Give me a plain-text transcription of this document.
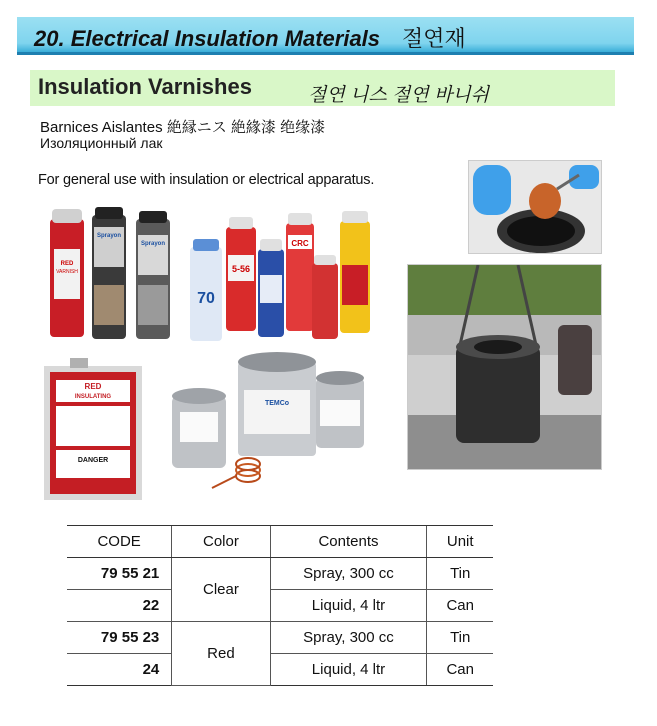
20. Electrical Insulation Materials 절연재
Insulation Varnishes	절연 니스 절연 바니쉬
Barnices Aislantes 絶縁ニス 絶緣漆 绝缘漆
Изоляционный лак
For general use with insulation or electrical apparatus.
RED
VARNISH
Sprayon
Sprayon
70
5-56
CRC
RED
INSULATING
DANGER
TEMCo
CODE	Color	Contents	Unit
79 55 21	Clear	Spray, 300 cc	Tin
22		Liquid, 4 ltr	Can
79 55 23	Red	Spray, 300 cc	Tin
24		Liquid, 4 ltr	Can
